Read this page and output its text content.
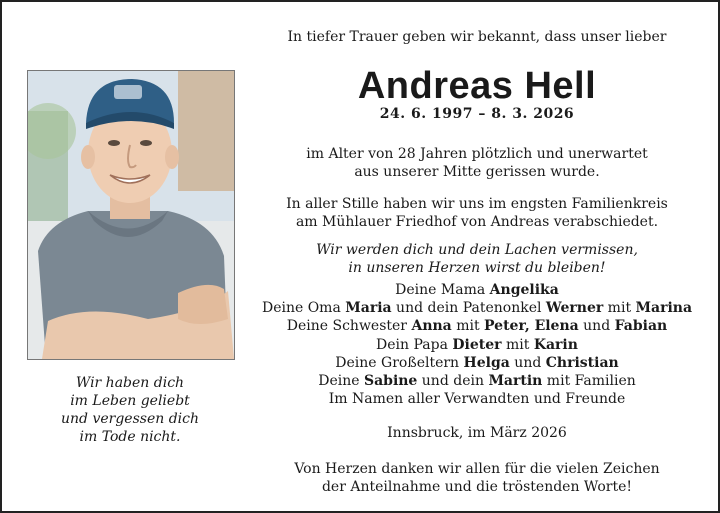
Wir haben dich
im Leben geliebt
und vergessen dich
im Tode nicht.

In tiefer Trauer geben wir bekannt, dass unser lieber

Andreas Hell
24. 6. 1997 – 8. 3. 2026
im Alter von 28 Jahren plötzlich und unerwartet
aus unserer Mitte gerissen wurde.
In aller Stille haben wir uns im engsten Familienkreis
am Mühlauer Friedhof von Andreas verabschiedet.
Wir werden dich und dein Lachen vermissen,
in unseren Herzen wirst du bleiben!
Deine Mama Angelika
Deine Oma Maria und dein Patenonkel Werner mit Marina
Deine Schwester Anna mit Peter, Elena und Fabian
Dein Papa Dieter mit Karin
Deine Großeltern Helga und Christian
Deine Sabine und dein Martin mit Familien
Im Namen aller Verwandten und Freunde
Innsbruck, im März 2026
Von Herzen danken wir allen für die vielen Zeichen
der Anteilnahme und die tröstenden Worte!
